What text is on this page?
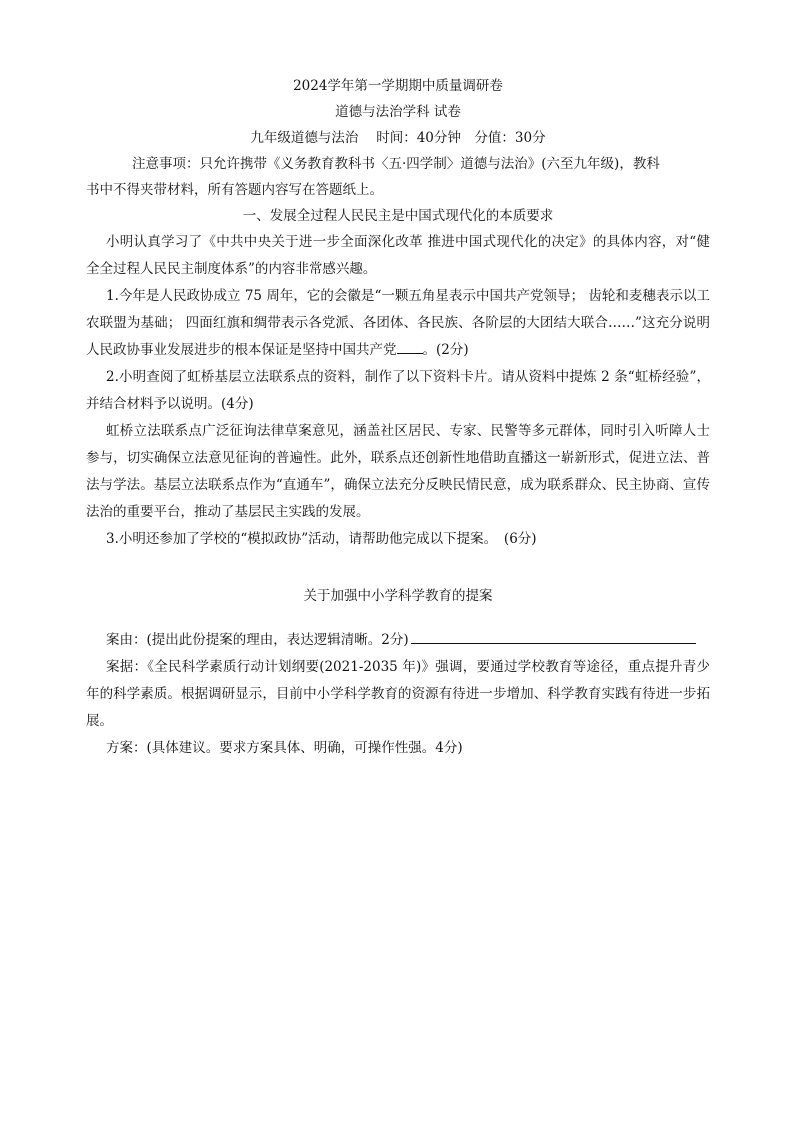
2024学年第一学期期中质量调研卷
道德与法治学科 试卷
九年级道德与法治　 时间：40分钟　分值：30分
注意事项：只允许携带《义务教育教科书〈五·四学制〉道德与法治》(六至九年级)，教科
书中不得夹带材料，所有答题内容写在答题纸上。
一、发展全过程人民民主是中国式现代化的本质要求
小明认真学习了《中共中央关于进一步全面深化改革 推进中国式现代化的决定》的具体内容，对“健全全过程人民民主制度体系”的内容非常感兴趣。
1.今年是人民政协成立 75 周年，它的会徽是“一颗五角星表示中国共产党领导； 齿轮和麦穗表示以工农联盟为基础； 四面红旗和绸带表示各党派、各团体、各民族、各阶层的大团结大联合……”这充分说明人民政协事业发展进步的根本保证是坚持中国共产党 。(2分)
2.小明查阅了虹桥基层立法联系点的资料，制作了以下资料卡片。请从资料中提炼 2 条“虹桥经验”，并结合材料予以说明。(4分)
虹桥立法联系点广泛征询法律草案意见，涵盖社区居民、专家、民警等多元群体，同时引入听障人士参与，切实确保立法意见征询的普遍性。此外，联系点还创新性地借助直播这一崭新形式，促进立法、普法与学法。基层立法联系点作为“直通车”，确保立法充分反映民情民意，成为联系群众、民主协商、宣传法治的重要平台，推动了基层民主实践的发展。
3.小明还参加了学校的“模拟政协”活动，请帮助他完成以下提案。　(6分)
关于加强中小学科学教育的提案
案由：(提出此份提案的理由，表达逻辑清晰。2分)
案据：《全民科学素质行动计划纲要(2021-2035 年)》强调，要通过学校教育等途径，重点提升青少年的科学素质。根据调研显示，目前中小学科学教育的资源有待进一步增加、科学教育实践有待进一步拓展。
方案：(具体建议。要求方案具体、明确，可操作性强。4分)
